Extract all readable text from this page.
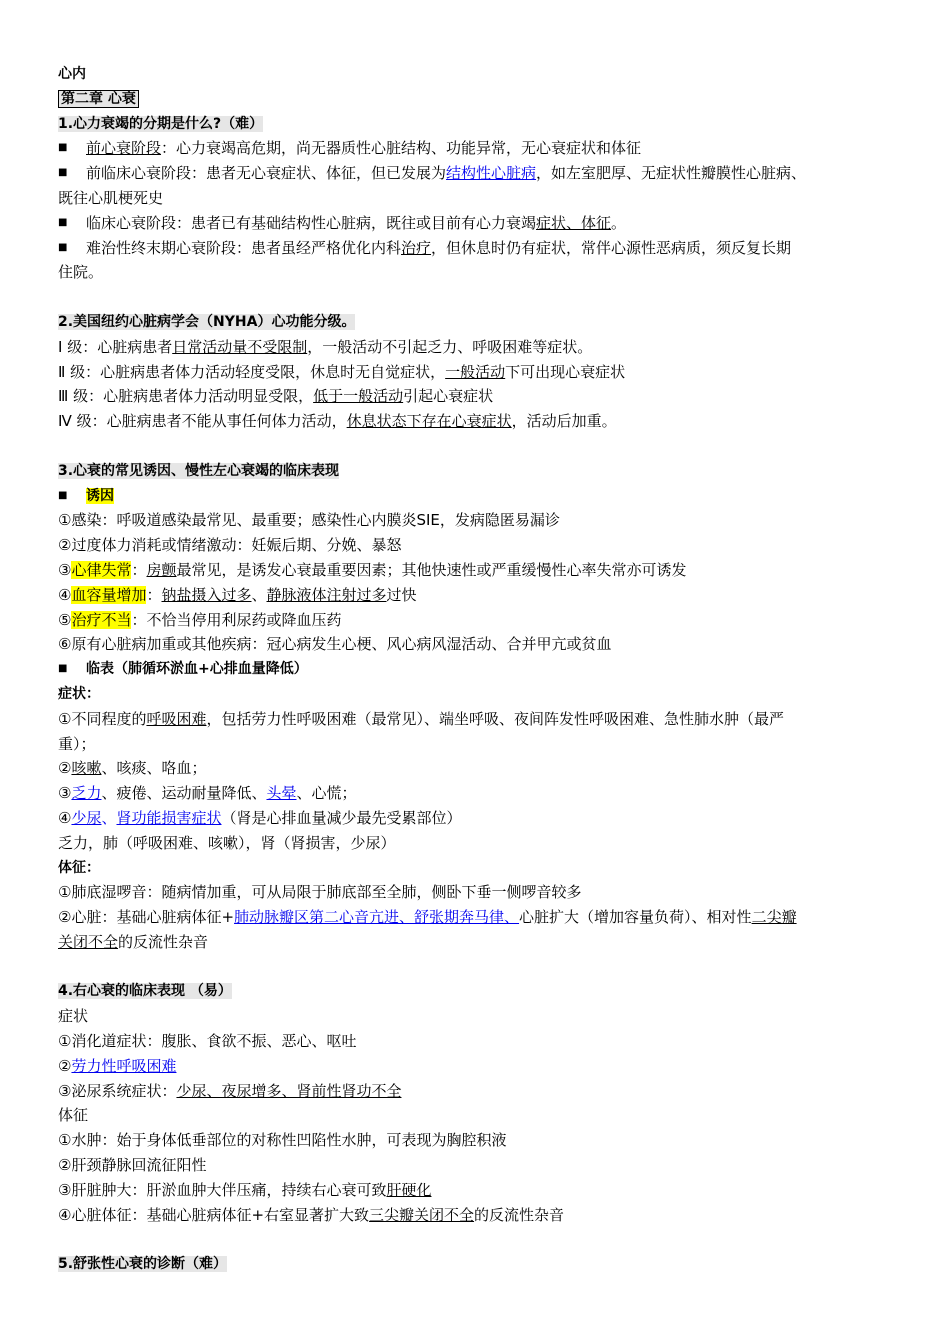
心内
第二章 心衰
1.心力衰竭的分期是什么?（难）
■前心衰阶段：心力衰竭高危期，尚无器质性心脏结构、功能异常，无心衰症状和体征
■前临床心衰阶段：患者无心衰症状、体征，但已发展为结构性心脏病，如左室肥厚、无症状性瓣膜性心脏病、
既往心肌梗死史
■临床心衰阶段：患者已有基础结构性心脏病，既往或目前有心力衰竭症状、体征。
■难治性终末期心衰阶段：患者虽经严格优化内科治疗，但休息时仍有症状，常伴心源性恶病质，须反复长期
住院。
2.美国纽约心脏病学会（NYHA）心功能分级。
Ⅰ 级：心脏病患者日常活动量不受限制，一般活动不引起乏力、呼吸困难等症状。
Ⅱ 级：心脏病患者体力活动轻度受限，休息时无自觉症状，一般活动下可出现心衰症状
Ⅲ 级：心脏病患者体力活动明显受限，低于一般活动引起心衰症状
Ⅳ 级：心脏病患者不能从事任何体力活动，休息状态下存在心衰症状，活动后加重。
3.心衰的常见诱因、慢性左心衰竭的临床表现
■诱因
①感染：呼吸道感染最常见、最重要；感染性心内膜炎SIE，发病隐匿易漏诊
②过度体力消耗或情绪激动：妊娠后期、分娩、暴怒
③心律失常：房颤最常见，是诱发心衰最重要因素；其他快速性或严重缓慢性心率失常亦可诱发
④血容量增加：钠盐摄入过多、静脉液体注射过多过快
⑤治疗不当：不恰当停用利尿药或降血压药
⑥原有心脏病加重或其他疾病：冠心病发生心梗、风心病风湿活动、合并甲亢或贫血
■临表（肺循环淤血+心排血量降低）
症状：
①不同程度的呼吸困难，包括劳力性呼吸困难（最常见）、端坐呼吸、夜间阵发性呼吸困难、急性肺水肿（最严
重）；
②咳嗽、咳痰、咯血；
③乏力、疲倦、运动耐量降低、头晕、心慌；
④少尿、肾功能损害症状（肾是心排血量减少最先受累部位）
乏力，肺（呼吸困难、咳嗽），肾（肾损害，少尿）
体征：
①肺底湿啰音：随病情加重，可从局限于肺底部至全肺，侧卧下垂一侧啰音较多
②心脏：基础心脏病体征+肺动脉瓣区第二心音亢进、舒张期奔马律、心脏扩大（增加容量负荷）、相对性二尖瓣
关闭不全的反流性杂音
4.右心衰的临床表现 （易）
症状
①消化道症状：腹胀、食欲不振、恶心、呕吐
②劳力性呼吸困难
③泌尿系统症状：少尿、夜尿增多、肾前性肾功不全
体征
①水肿：始于身体低垂部位的对称性凹陷性水肿，可表现为胸腔积液
②肝颈静脉回流征阳性
③肝脏肿大：肝淤血肿大伴压痛，持续右心衰可致肝硬化
④心脏体征：基础心脏病体征+右室显著扩大致三尖瓣关闭不全的反流性杂音
5.舒张性心衰的诊断（难）
